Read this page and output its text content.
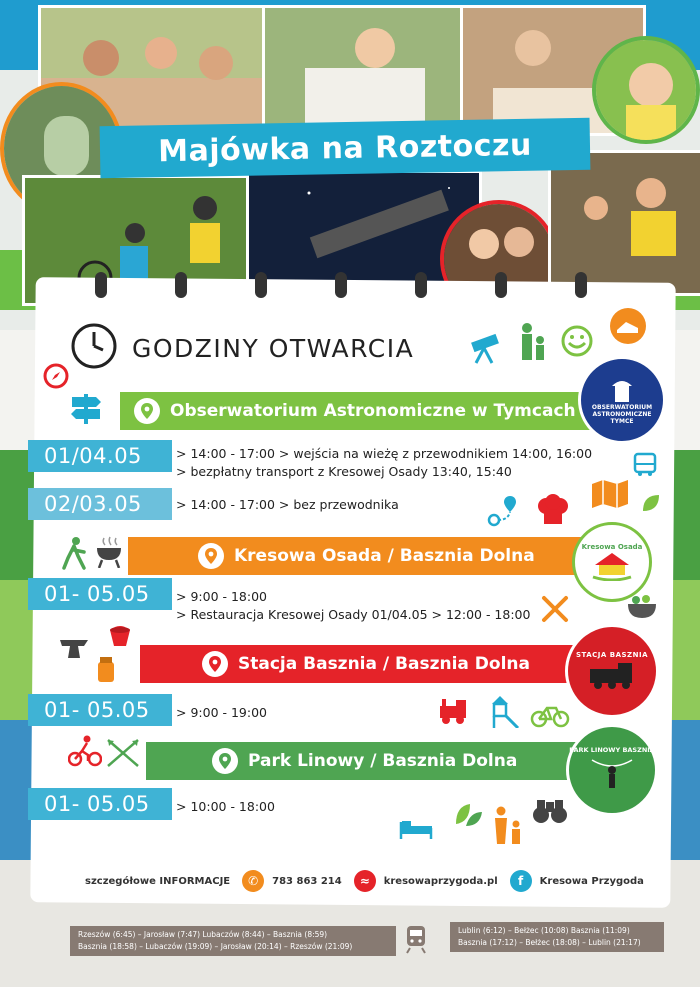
Majówka na Roztoczu
GODZINY OTWARCIA
Obserwatorium Astronomiczne w Tymcach	OBSERWATORIUM ASTRONOMICZNE
TYMCE
01/04.05	> 14:00 - 17:00 > wejścia na wieżę z przewodnikiem 14:00, 16:00
> bezpłatny transport z Kresowej Osady 13:40, 15:40
02/03.05	> 14:00 - 17:00 > bez przewodnika
Kresowa Osada / Basznia Dolna	Kresowa Osada
01- 05.05 > 9:00 - 18:00
> Restauracja Kresowej Osady 01/04.05 > 12:00 - 18:00
Stacja Basznia / Basznia Dolna	STACJA BASZNIA
01- 05.05 > 9:00 - 19:00
Park Linowy / Basznia Dolna
PARK LINOWY BASZNIA
01- 05.05 > 10:00 - 18:00
szczegółowe INFORMACJE	✆	783 863 214	≈	kresowaprzygoda.pl	f	Kresowa Przygoda
Rzeszów (6:45) – Jarosław (7:47) Lubaczów (8:44) – Basznia (8:59)
Basznia (18:58) – Lubaczów (19:09) – Jarosław (20:14) – Rzeszów (21:09)
Lublin (6:12) – Bełżec (10:08) Basznia (11:09)
Basznia (17:12) – Bełżec (18:08) – Lublin (21:17)
